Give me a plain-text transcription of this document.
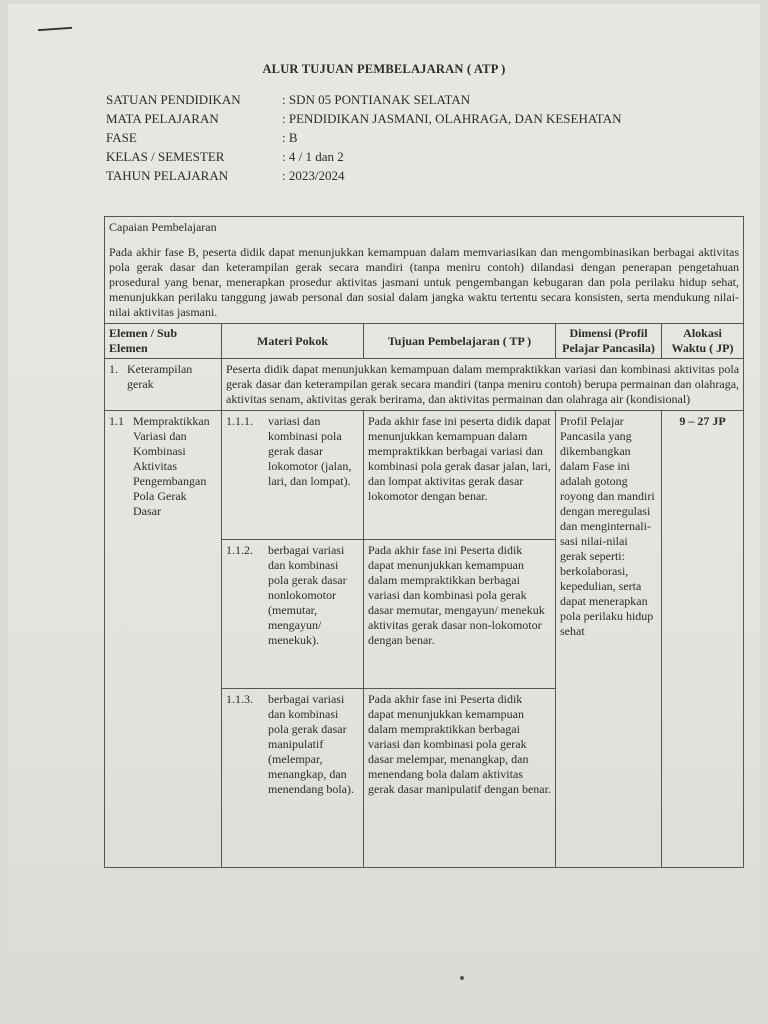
ALUR TUJUAN PEMBELAJARAN ( ATP )
SATUAN PENDIDIKAN	: SDN 05 PONTIANAK SELATAN
MATA PELAJARAN	: PENDIDIKAN JASMANI, OLAHRAGA, DAN KESEHATAN
FASE	: B
KELAS / SEMESTER	: 4 / 1 dan 2
TAHUN PELAJARAN	: 2023/2024
Capaian Pembelajaran
Pada akhir fase B, peserta didik dapat menunjukkan kemampuan dalam memvariasikan dan mengombinasikan berbagai aktivitas pola gerak dasar dan keterampilan gerak secara mandiri (tanpa meniru contoh) dilandasi dengan penerapan pengetahuan prosedural yang benar, menerapkan prosedur aktivitas jasmani untuk pengembangan kebugaran dan pola perilaku hidup sehat, menunjukkan perilaku tanggung jawab personal dan sosial dalam jangka waktu tertentu secara konsisten, serta mendukung nilai-nilai aktivitas jasmani.				

Elemen / Sub Elemen	Materi Pokok	Tujuan Pembelajaran ( TP )	Dimensi (Profil Pelajar Pancasila)	Alokasi Waktu ( JP)

1. Keterampilan gerak	Peserta didik dapat menunjukkan kemampuan dalam mempraktikkan variasi dan kombinasi aktivitas pola gerak dasar dan keterampilan gerak secara mandiri (tanpa meniru contoh) berupa permainan dan olahraga, aktivitas senam, aktivitas gerak berirama, dan aktivitas permainan dan olahraga air (kondisional)			

1.1 Mempraktikkan Variasi dan Kombinasi Aktivitas Pengembangan Pola Gerak Dasar	1.1.1. variasi dan kombinasi pola gerak dasar lokomotor (jalan, lari, dan lompat).	Pada akhir fase ini peserta didik dapat menunjukkan kemampuan dalam mempraktikkan berbagai variasi dan kombinasi pola gerak dasar jalan, lari, dan lompat aktivitas gerak dasar lokomotor dengan benar.	Profil Pelajar Pancasila yang dikembangkan dalam Fase ini adalah gotong royong dan mandiri dengan meregulasi dan menginternali-sasi nilai-nilai gerak seperti: berkolaborasi, kepedulian, serta dapat menerapkan pola perilaku hidup sehat	9 – 27 JP

	1.1.2. berbagai variasi dan kombinasi pola gerak dasar nonlokomotor (memutar, mengayun/ menekuk).	Pada akhir fase ini Peserta didik dapat menunjukkan kemampuan dalam mempraktikkan berbagai variasi dan kombinasi pola gerak dasar memutar, mengayun/ menekuk aktivitas gerak dasar non-lokomotor dengan benar.		

	1.1.3. berbagai variasi dan kombinasi pola gerak dasar manipulatif (melempar, menangkap, dan menendang bola).	Pada akhir fase ini Peserta didik dapat menunjukkan kemampuan dalam mempraktikkan berbagai variasi dan kombinasi pola gerak dasar melempar, menangkap, dan menendang bola dalam aktivitas gerak dasar manipulatif dengan benar.		
